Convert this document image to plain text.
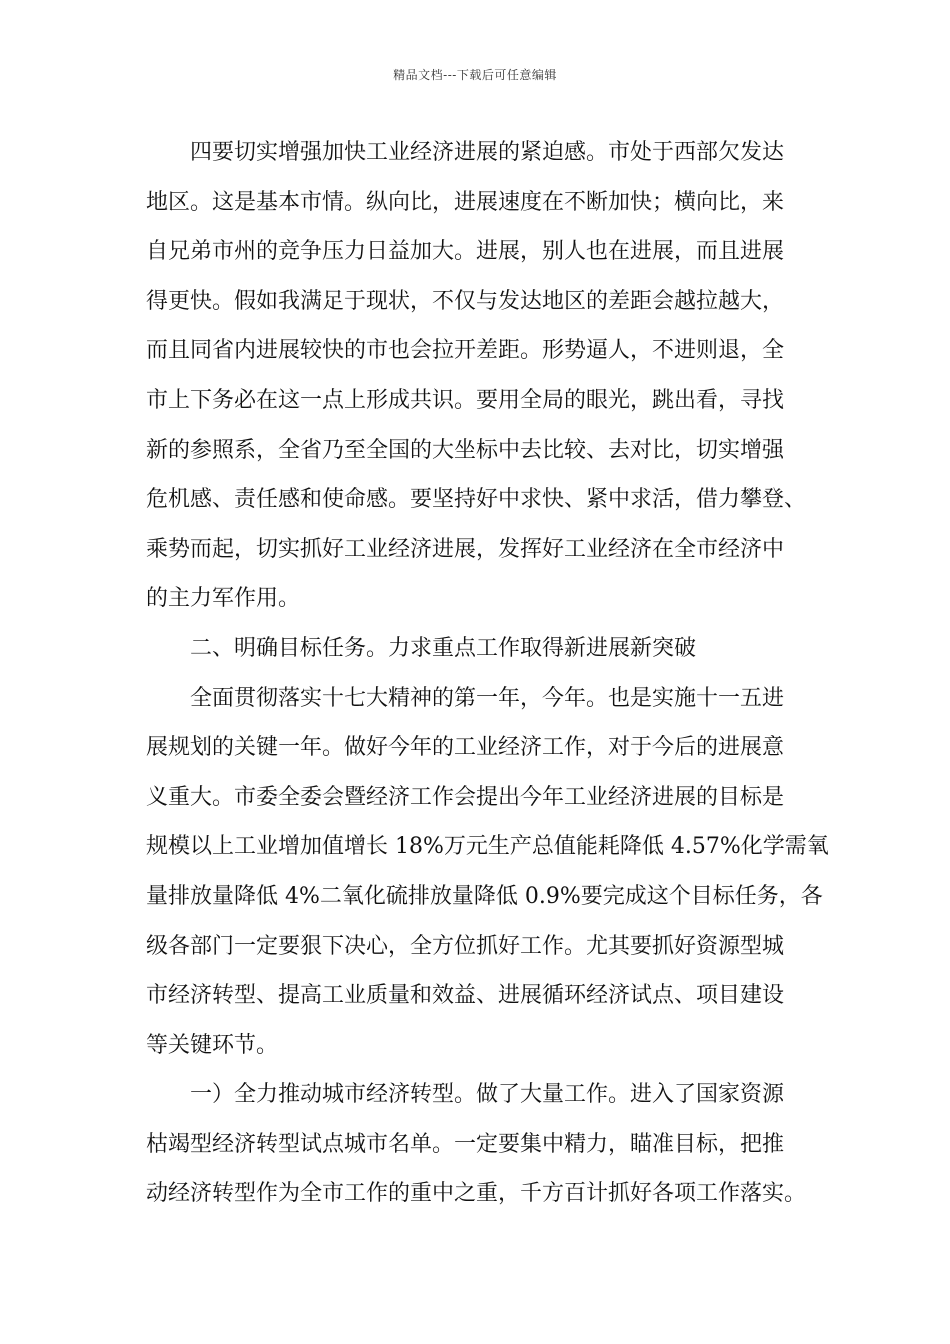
精品文档---下载后可任意编辑
四要切实增强加快工业经济进展的紧迫感。市处于西部欠发达
地区。这是基本市情。纵向比，进展速度在不断加快；横向比，来
自兄弟市州的竞争压力日益加大。进展，别人也在进展，而且进展
得更快。假如我满足于现状，不仅与发达地区的差距会越拉越大，
而且同省内进展较快的市也会拉开差距。形势逼人，不进则退，全
市上下务必在这一点上形成共识。要用全局的眼光，跳出看，寻找
新的参照系，全省乃至全国的大坐标中去比较、去对比，切实增强
危机感、责任感和使命感。要坚持好中求快、紧中求活，借力攀登、
乘势而起，切实抓好工业经济进展，发挥好工业经济在全市经济中
的主力军作用。
二、明确目标任务。力求重点工作取得新进展新突破
全面贯彻落实十七大精神的第一年，今年。也是实施十一五进
展规划的关键一年。做好今年的工业经济工作，对于今后的进展意
义重大。市委全委会暨经济工作会提出今年工业经济进展的目标是
规模以上工业增加值增长 18%万元生产总值能耗降低 4.57%化学需氧
量排放量降低 4%二氧化硫排放量降低 0.9%要完成这个目标任务，各
级各部门一定要狠下决心，全方位抓好工作。尤其要抓好资源型城
市经济转型、提高工业质量和效益、进展循环经济试点、项目建设
等关键环节。
一）全力推动城市经济转型。做了大量工作。进入了国家资源
枯竭型经济转型试点城市名单。一定要集中精力，瞄准目标，把推
动经济转型作为全市工作的重中之重，千方百计抓好各项工作落实。
